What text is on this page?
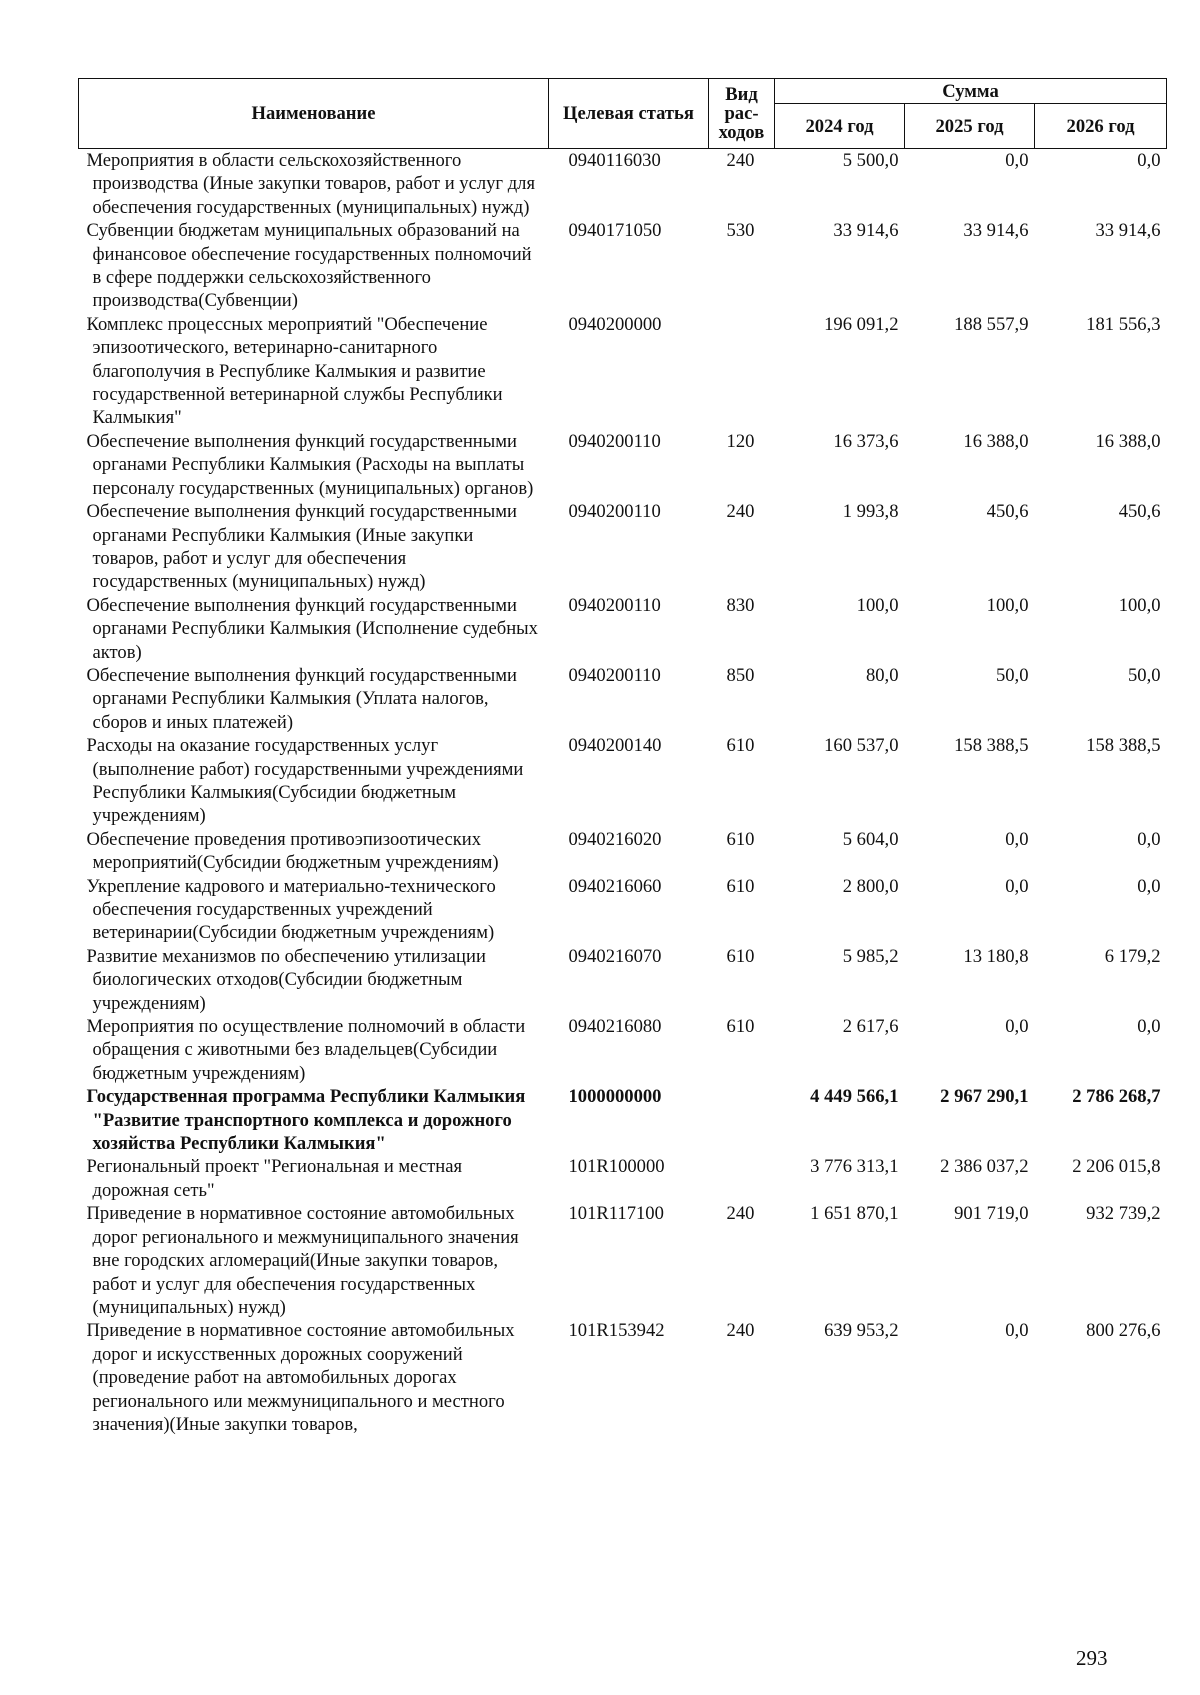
Наименование	Целевая статья	Вид рас-ходов	Сумма		
			2024 год	2025 год	2026 год
Мероприятия в области сельскохозяйственного производства (Иные закупки товаров, работ и услуг для обеспечения государственных (муниципальных) нужд)	0940116030	240	5 500,0	0,0	0,0
Субвенции бюджетам муниципальных образований на финансовое обеспечение государственных полномочий в сфере поддержки сельскохозяйственного производства(Субвенции)	0940171050	530	33 914,6	33 914,6	33 914,6
Комплекс процессных мероприятий "Обеспечение эпизоотического, ветеринарно-санитарного благополучия в Республике Калмыкия и развитие государственной ветеринарной службы Республики Калмыкия"	0940200000		196 091,2	188 557,9	181 556,3
Обеспечение выполнения функций государственными органами Республики Калмыкия (Расходы на выплаты персоналу государственных (муниципальных) органов)	0940200110	120	16 373,6	16 388,0	16 388,0
Обеспечение выполнения функций государственными органами Республики Калмыкия (Иные закупки товаров, работ и услуг для обеспечения государственных (муниципальных) нужд)	0940200110	240	1 993,8	450,6	450,6
Обеспечение выполнения функций государственными органами Республики Калмыкия (Исполнение судебных актов)	0940200110	830	100,0	100,0	100,0
Обеспечение выполнения функций государственными органами Республики Калмыкия (Уплата налогов, сборов и иных платежей)	0940200110	850	80,0	50,0	50,0
Расходы на оказание государственных услуг (выполнение работ) государственными учреждениями Республики Калмыкия(Субсидии бюджетным учреждениям)	0940200140	610	160 537,0	158 388,5	158 388,5
Обеспечение проведения противоэпизоотических мероприятий(Субсидии бюджетным учреждениям)	0940216020	610	5 604,0	0,0	0,0
Укрепление кадрового и материально-технического обеспечения государственных учреждений ветеринарии(Субсидии бюджетным учреждениям)	0940216060	610	2 800,0	0,0	0,0
Развитие механизмов по обеспечению утилизации биологических отходов(Субсидии бюджетным учреждениям)	0940216070	610	5 985,2	13 180,8	6 179,2
Мероприятия по осуществление полномочий в области обращения с животными без владельцев(Субсидии бюджетным учреждениям)	0940216080	610	2 617,6	0,0	0,0
Государственная программа Республики Калмыкия "Развитие транспортного комплекса и дорожного хозяйства Республики Калмыкия"	1000000000		4 449 566,1	2 967 290,1	2 786 268,7
Региональный проект "Региональная и местная дорожная сеть"	101R100000		3 776 313,1	2 386 037,2	2 206 015,8
Приведение в нормативное состояние автомобильных дорог регионального и межмуниципального значения вне городских агломераций(Иные закупки товаров, работ и услуг для обеспечения государственных (муниципальных) нужд)	101R117100	240	1 651 870,1	901 719,0	932 739,2
Приведение в нормативное состояние автомобильных дорог и искусственных дорожных сооружений (проведение работ на автомобильных дорогах регионального или межмуниципального и местного значения)(Иные закупки товаров,	101R153942	240	639 953,2	0,0	800 276,6
293
